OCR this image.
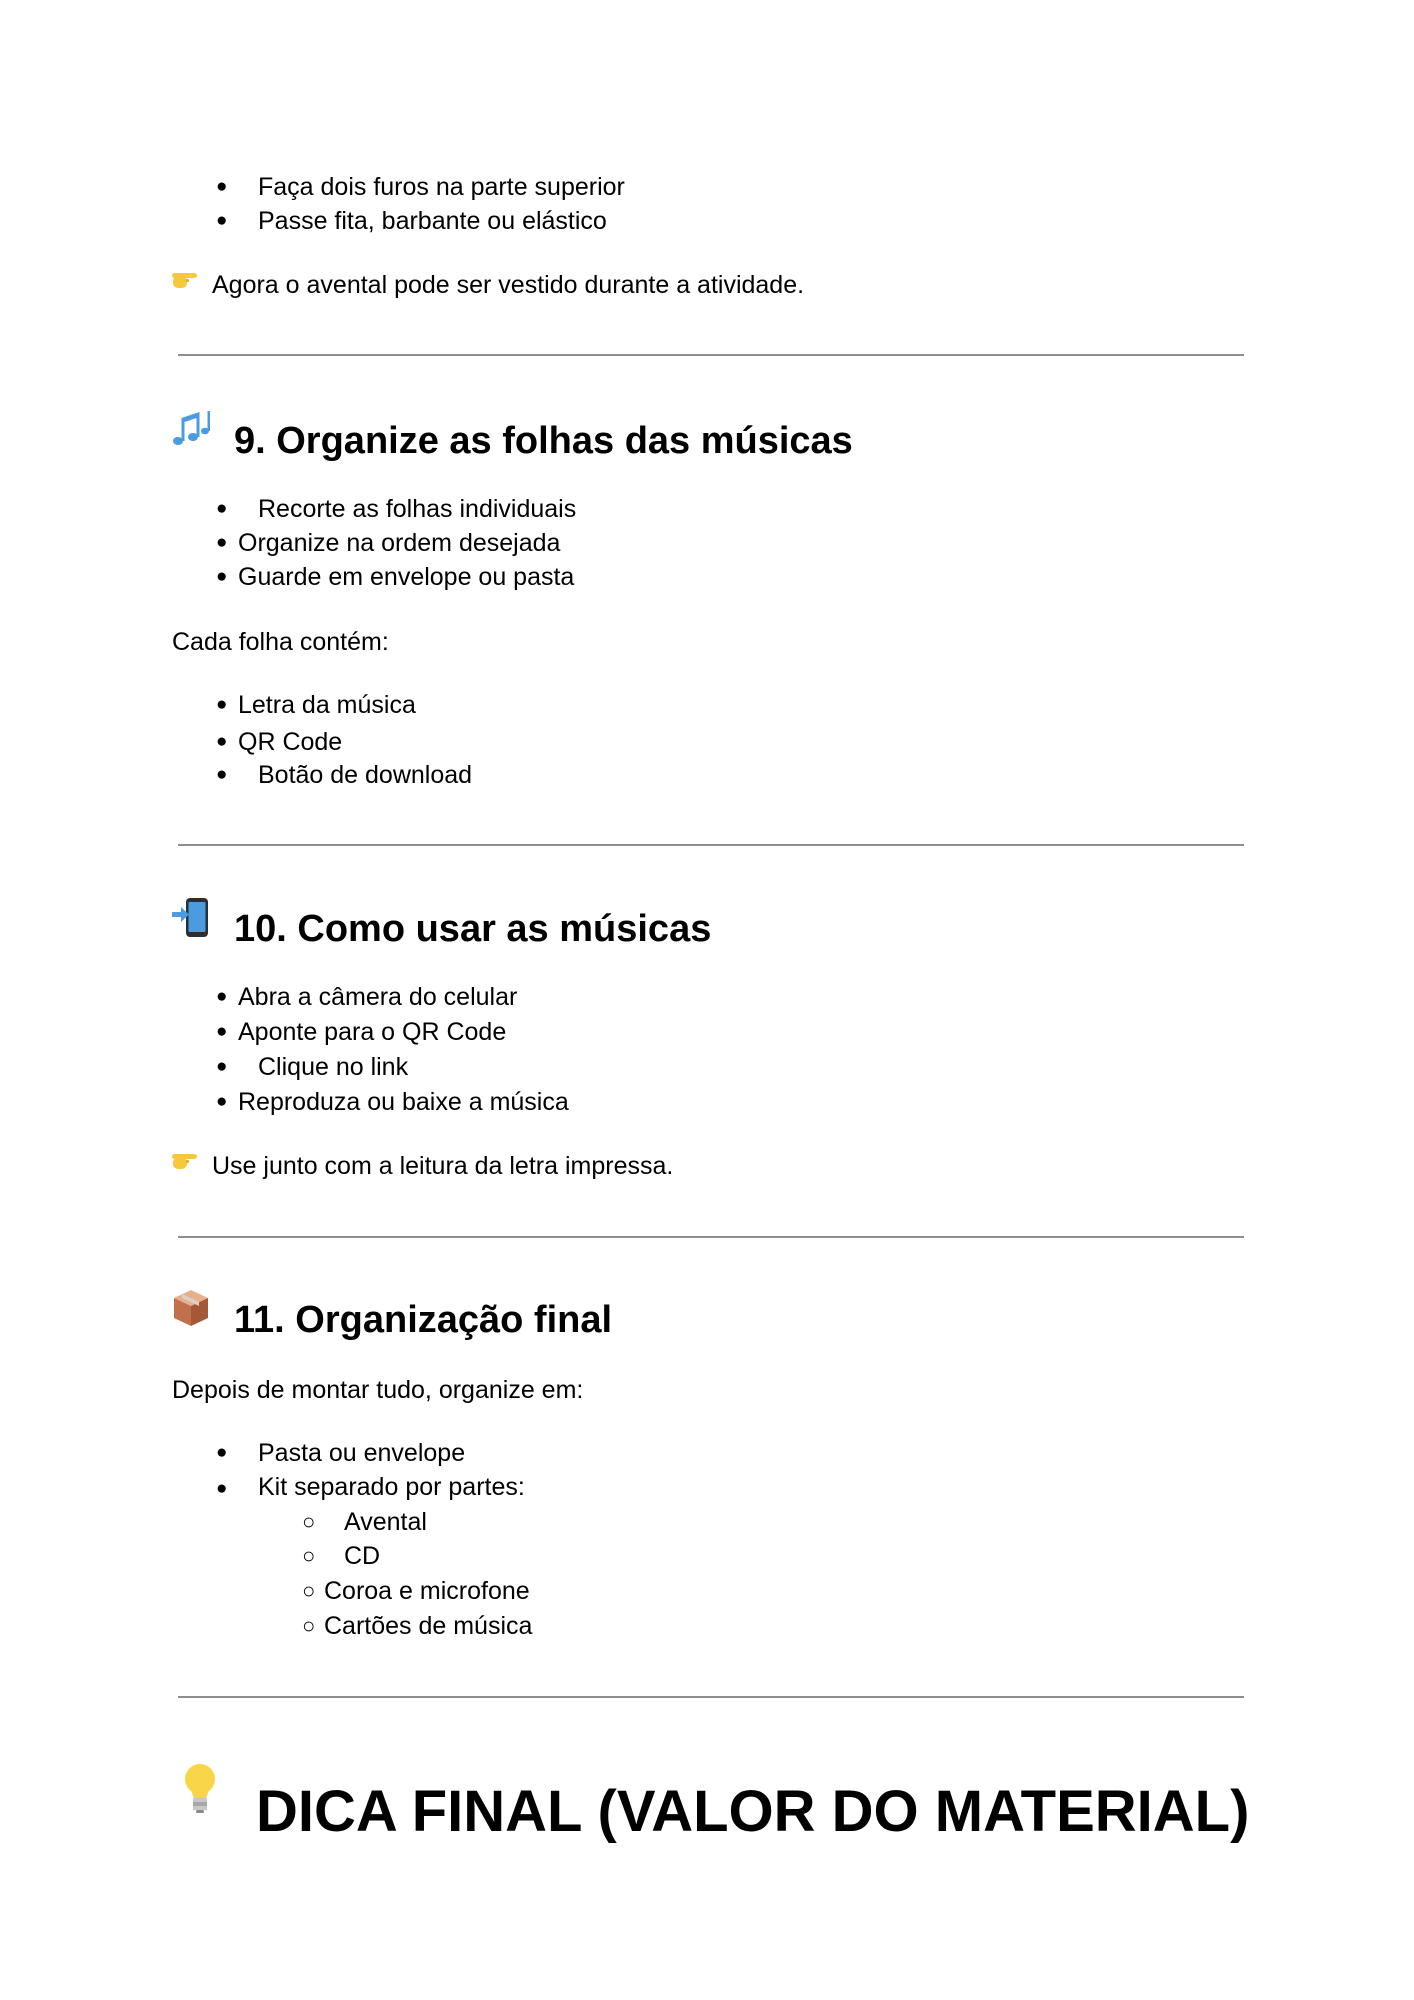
● Faça dois furos na parte superior
● Passe fita, barbante ou elástico
Agora o avental pode ser vestido durante a atividade.
9. Organize as folhas das músicas
● Recorte as folhas individuais
● Organize na ordem desejada
● Guarde em envelope ou pasta
Cada folha contém:
● Letra da música
● QR Code
● Botão de download
10. Como usar as músicas
● Abra a câmera do celular
● Aponte para o QR Code
● Clique no link
● Reproduza ou baixe a música
Use junto com a leitura da letra impressa.
11. Organização final
Depois de montar tudo, organize em:
● Pasta ou envelope
● Kit separado por partes:
○ Avental
○ CD
○ Coroa e microfone
○ Cartões de música
DICA FINAL (VALOR DO MATERIAL)
